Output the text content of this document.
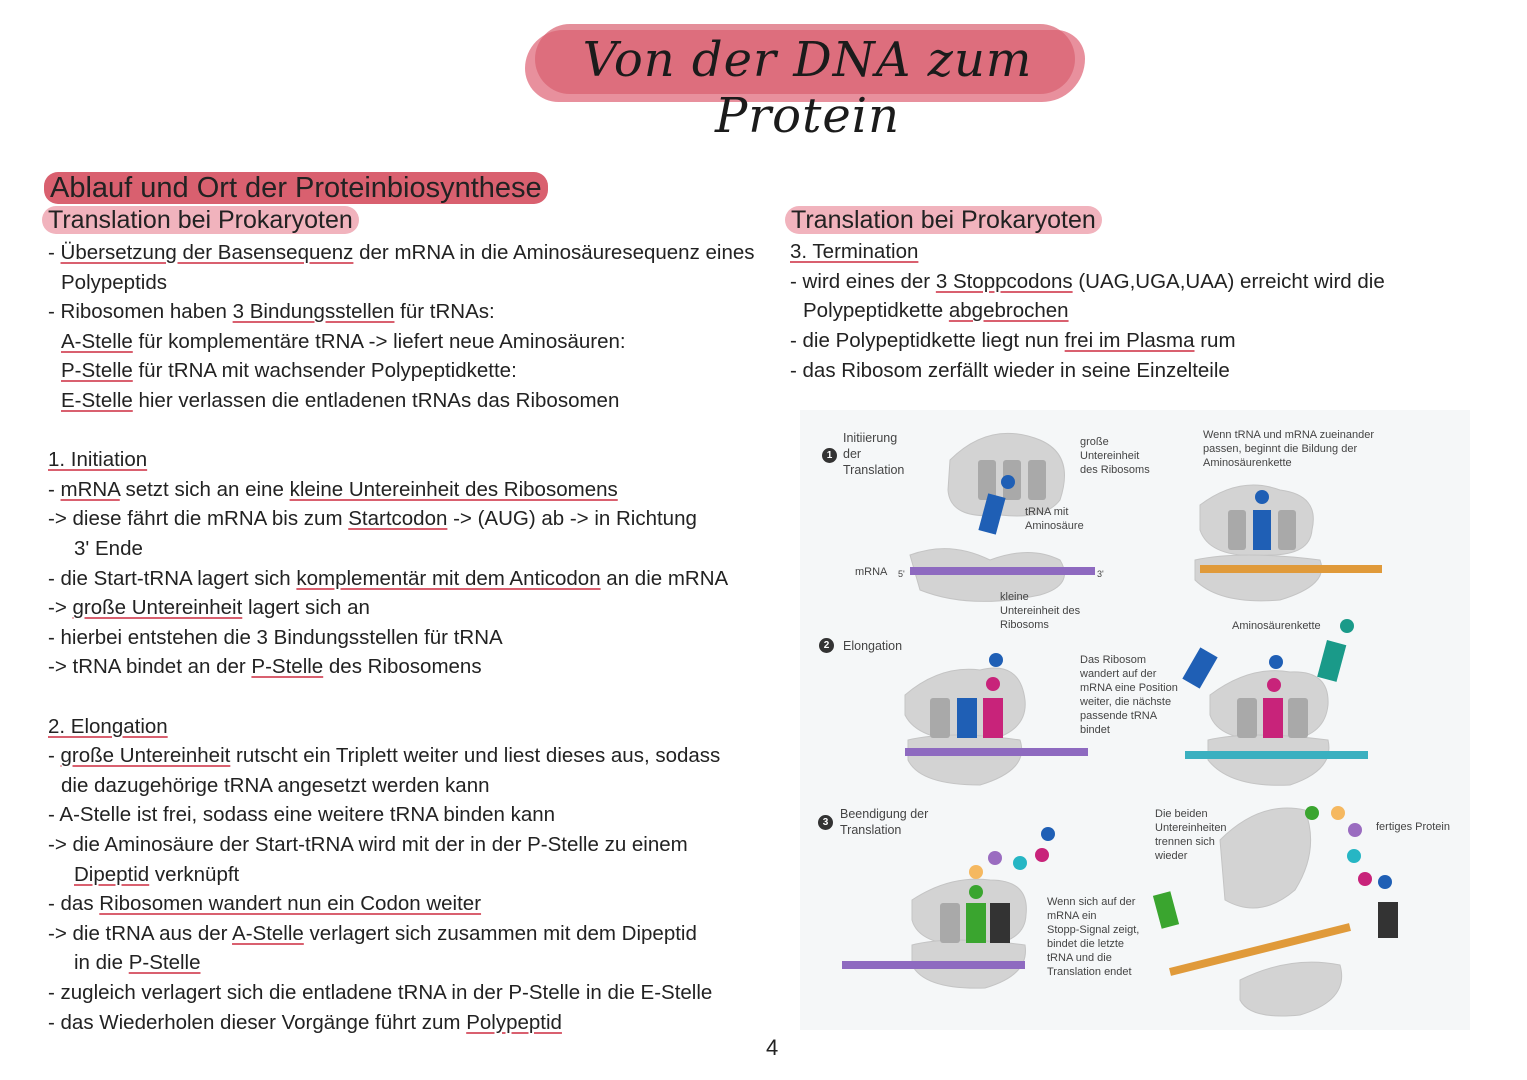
Von der DNA zum Protein
Ablauf und Ort der Proteinbiosynthese
Translation bei Prokaryoten
- Übersetzung der Basensequenz der mRNA in die Aminosäuresequenz eines
Polypeptids
- Ribosomen haben 3 Bindungsstellen für tRNAs:
A-Stelle für komplementäre tRNA -> liefert neue Aminosäuren:
P-Stelle für tRNA mit wachsender Polypeptidkette:
E-Stelle hier verlassen die entladenen tRNAs das Ribosomen
1. Initiation
- mRNA setzt sich an eine kleine Untereinheit des Ribosomens
-> diese fährt die mRNA bis zum Startcodon -> (AUG) ab -> in Richtung
3' Ende
- die Start-tRNA lagert sich komplementär mit dem Anticodon an die mRNA
-> große Untereinheit lagert sich an
- hierbei entstehen die 3 Bindungsstellen für tRNA
-> tRNA bindet an der P-Stelle des Ribosomens
2. Elongation
- große Untereinheit rutscht ein Triplett weiter und liest dieses aus, sodass
die dazugehörige tRNA angesetzt werden kann
- A-Stelle ist frei, sodass eine weitere tRNA binden kann
-> die Aminosäure der Start-tRNA wird mit der in der P-Stelle zu einem
Dipeptid verknüpft
- das Ribosomen wandert nun ein Codon weiter
-> die tRNA aus der A-Stelle verlagert sich zusammen mit dem Dipeptid
in die P-Stelle
- zugleich verlagert sich die entladene tRNA in der P-Stelle in die E-Stelle
- das Wiederholen dieser Vorgänge führt zum Polypeptid
Translation bei Prokaryoten
3. Termination
- wird eines der 3 Stoppcodons (UAG,UGA,UAA) erreicht wird die
Polypeptidkette abgebrochen
- die Polypeptidkette liegt nun frei im Plasma rum
- das Ribosom zerfällt wieder in seine Einzelteile
1
Initiierung
der
Translation
große
Untereinheit
des Ribosoms
tRNA mit
Aminosäure
mRNA 5'	3'
kleine
Untereinheit des
Ribosoms
Wenn tRNA und mRNA zueinander
passen, beginnt die Bildung der
Aminosäurenkette
2	Elongation
Das Ribosom
wandert auf der
mRNA eine Position
weiter, die nächste
passende tRNA
bindet
Aminosäurenkette
3
Beendigung der
Translation
Wenn sich auf der
mRNA ein
Stopp-Signal zeigt,
bindet die letzte
tRNA und die
Translation endet
Die beiden
Untereinheiten
trennen sich
wieder
fertiges Protein
4
